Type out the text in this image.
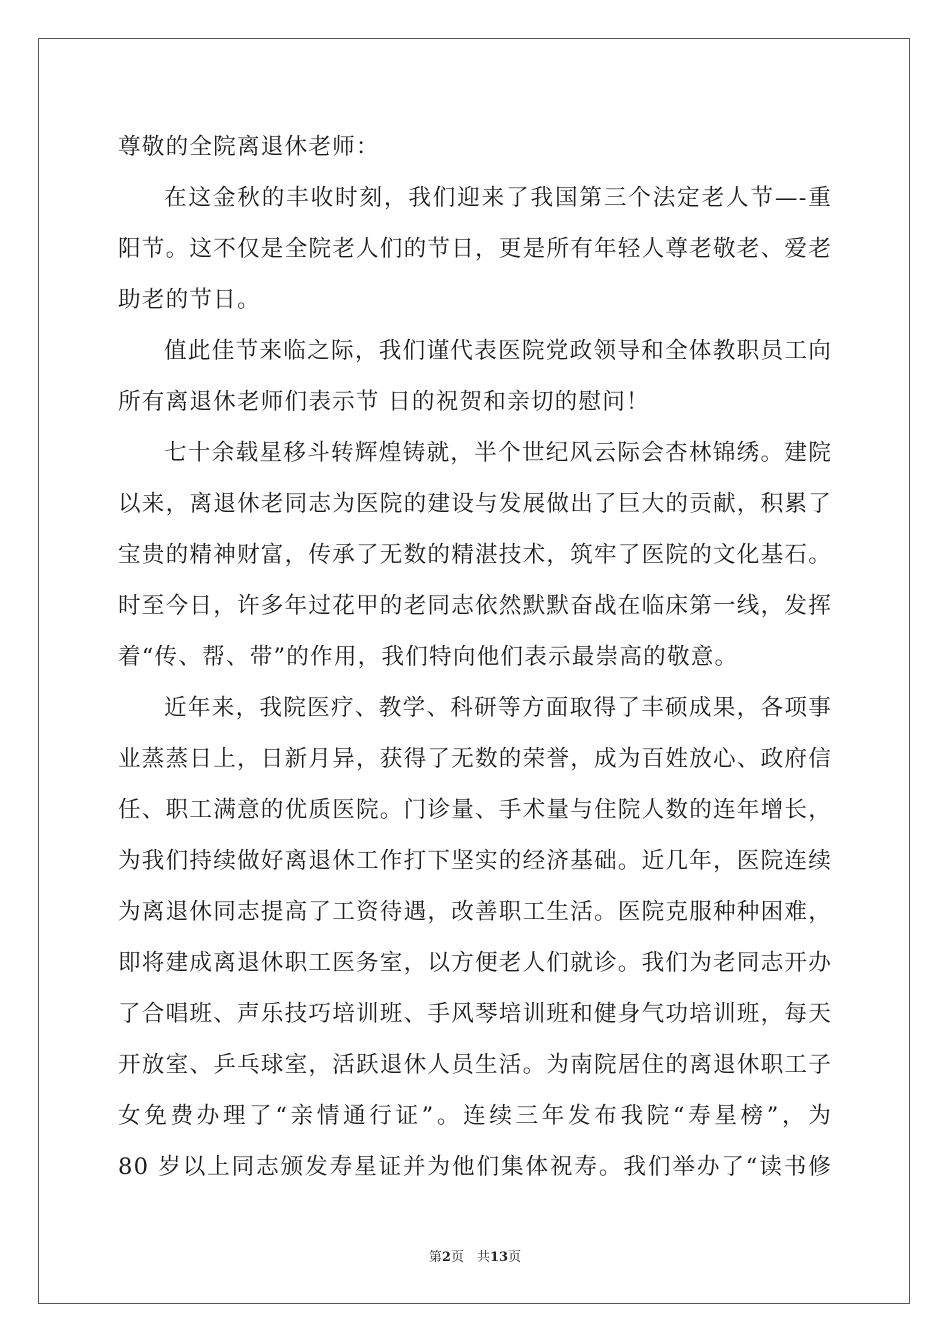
尊敬的全院离退休老师：
在这金秋的丰收时刻，我们迎来了我国第三个法定老人节—-重
阳节。这不仅是全院老人们的节日，更是所有年轻人尊老敬老、爱老
助老的节日。
值此佳节来临之际，我们谨代表医院党政领导和全体教职员工向
所有离退休老师们表示节 日的祝贺和亲切的慰问！
七十余载星移斗转辉煌铸就，半个世纪风云际会杏林锦绣。建院
以来，离退休老同志为医院的建设与发展做出了巨大的贡献，积累了
宝贵的精神财富，传承了无数的精湛技术，筑牢了医院的文化基石。
时至今日，许多年过花甲的老同志依然默默奋战在临床第一线，发挥
着“传、帮、带”的作用，我们特向他们表示最崇高的敬意。
近年来，我院医疗、教学、科研等方面取得了丰硕成果，各项事
业蒸蒸日上，日新月异，获得了无数的荣誉，成为百姓放心、政府信
任、职工满意的优质医院。门诊量、手术量与住院人数的连年增长，
为我们持续做好离退休工作打下坚实的经济基础。近几年，医院连续
为离退休同志提高了工资待遇，改善职工生活。医院克服种种困难，
即将建成离退休职工医务室，以方便老人们就诊。我们为老同志开办
了合唱班、声乐技巧培训班、手风琴培训班和健身气功培训班，每天
开放室、乒乓球室，活跃退休人员生活。为南院居住的离退休职工子
女免费办理了“亲情通行证”。连续三年发布我院“寿星榜”，为
80 岁以上同志颁发寿星证并为他们集体祝寿。我们举办了“读书修
第2页　共13页
